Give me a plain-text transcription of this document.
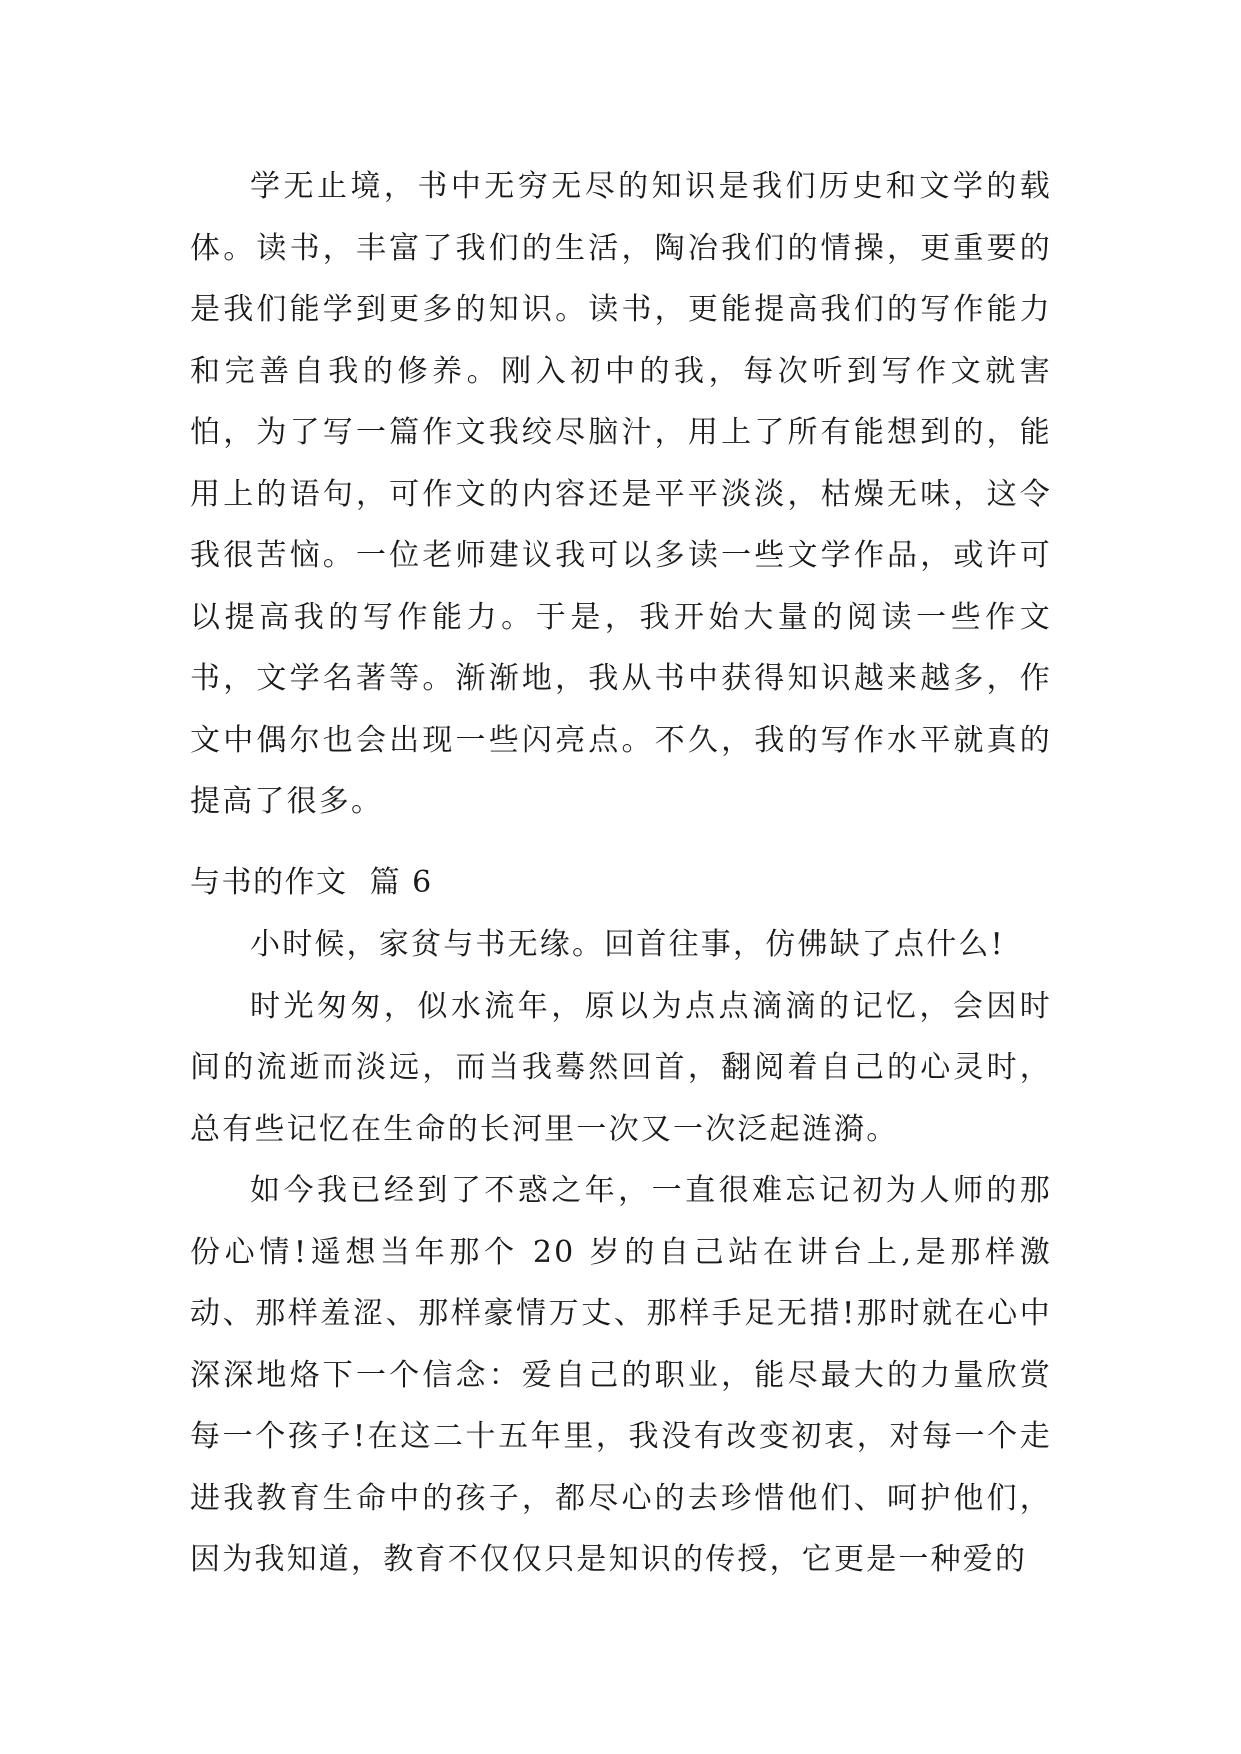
学无止境，书中无穷无尽的知识是我们历史和文学的载体。读书，丰富了我们的生活，陶冶我们的情操，更重要的是我们能学到更多的知识。读书，更能提高我们的写作能力和完善自我的修养。刚入初中的我，每次听到写作文就害怕，为了写一篇作文我绞尽脑汁，用上了所有能想到的，能用上的语句，可作文的内容还是平平淡淡，枯燥无味，这令我很苦恼。一位老师建议我可以多读一些文学作品，或许可以提高我的写作能力。于是，我开始大量的阅读一些作文书，文学名著等。渐渐地，我从书中获得知识越来越多，作文中偶尔也会出现一些闪亮点。不久，我的写作水平就真的提高了很多。

与书的作文  篇 6

小时候，家贫与书无缘。回首往事，仿佛缺了点什么!

时光匆匆，似水流年，原以为点点滴滴的记忆，会因时间的流逝而淡远，而当我蓦然回首，翻阅着自己的心灵时，总有些记忆在生命的长河里一次又一次泛起涟漪。

如今我已经到了不惑之年，一直很难忘记初为人师的那份心情!遥想当年那个 20 岁的自己站在讲台上,是那样激动、那样羞涩、那样豪情万丈、那样手足无措!那时就在心中深深地烙下一个信念：爱自己的职业，能尽最大的力量欣赏每一个孩子!在这二十五年里，我没有改变初衷，对每一个走进我教育生命中的孩子，都尽心的去珍惜他们、呵护他们，因为我知道，教育不仅仅只是知识的传授，它更是一种爱的
